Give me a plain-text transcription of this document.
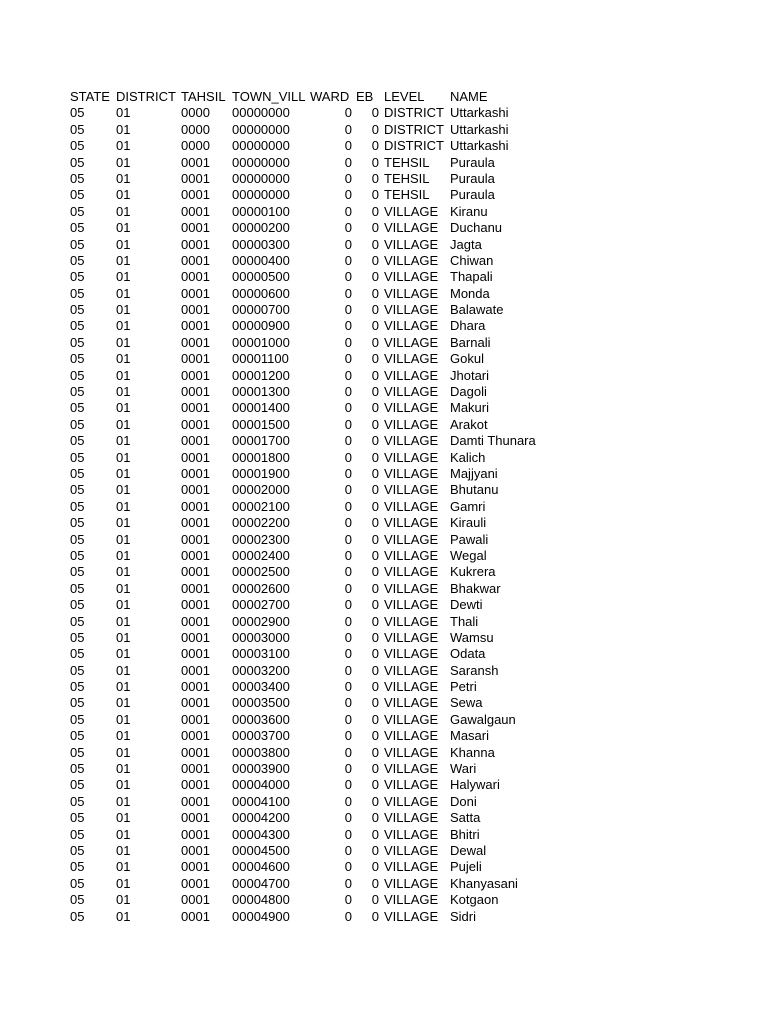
STATE DISTRICT TAHSIL TOWN_VILL WARD EB LEVEL NAME
05 01	0000 00000000	0 0 DISTRICT Uttarkashi
05 01	0000 00000000	0 0 DISTRICT Uttarkashi
05 01	0000 00000000	0 0 DISTRICT Uttarkashi
05 01	0001 00000000	0 0 TEHSIL Puraula
05 01	0001 00000000	0 0 TEHSIL Puraula
05 01	0001 00000000	0 0 TEHSIL Puraula
05 01	0001 00000100	0 0 VILLAGE Kiranu
05 01	0001 00000200	0 0 VILLAGE Duchanu
05 01	0001 00000300	0 0 VILLAGE Jagta
05 01	0001 00000400	0 0 VILLAGE Chiwan
05 01	0001 00000500	0 0 VILLAGE Thapali
05 01	0001 00000600	0 0 VILLAGE Monda
05 01	0001 00000700	0 0 VILLAGE Balawate
05 01	0001 00000900	0 0 VILLAGE Dhara
05 01	0001 00001000	0 0 VILLAGE Barnali
05 01	0001 00001100	0 0 VILLAGE Gokul
05 01	0001 00001200	0 0 VILLAGE Jhotari
05 01	0001 00001300	0 0 VILLAGE Dagoli
05 01	0001 00001400	0 0 VILLAGE Makuri
05 01	0001 00001500	0 0 VILLAGE Arakot
05 01	0001 00001700	0 0 VILLAGE Damti Thunara
05 01	0001 00001800	0 0 VILLAGE Kalich
05 01	0001 00001900	0 0 VILLAGE Majjyani
05 01	0001 00002000	0 0 VILLAGE Bhutanu
05 01	0001 00002100	0 0 VILLAGE Gamri
05 01	0001 00002200	0 0 VILLAGE Kirauli
05 01	0001 00002300	0 0 VILLAGE Pawali
05 01	0001 00002400	0 0 VILLAGE Wegal
05 01	0001 00002500	0 0 VILLAGE Kukrera
05 01	0001 00002600	0 0 VILLAGE Bhakwar
05 01	0001 00002700	0 0 VILLAGE Dewti
05 01	0001 00002900	0 0 VILLAGE Thali
05 01	0001 00003000	0 0 VILLAGE Wamsu
05 01	0001 00003100	0 0 VILLAGE Odata
05 01	0001 00003200	0 0 VILLAGE Saransh
05 01	0001 00003400	0 0 VILLAGE Petri
05 01	0001 00003500	0 0 VILLAGE Sewa
05 01	0001 00003600	0 0 VILLAGE Gawalgaun
05 01	0001 00003700	0 0 VILLAGE Masari
05 01	0001 00003800	0 0 VILLAGE Khanna
05 01	0001 00003900	0 0 VILLAGE Wari
05 01	0001 00004000	0 0 VILLAGE Halywari
05 01	0001 00004100	0 0 VILLAGE Doni
05 01	0001 00004200	0 0 VILLAGE Satta
05 01	0001 00004300	0 0 VILLAGE Bhitri
05 01	0001 00004500	0 0 VILLAGE Dewal
05 01	0001 00004600	0 0 VILLAGE Pujeli
05 01	0001 00004700	0 0 VILLAGE Khanyasani
05 01	0001 00004800	0 0 VILLAGE Kotgaon
05 01	0001 00004900	0 0 VILLAGE Sidri
